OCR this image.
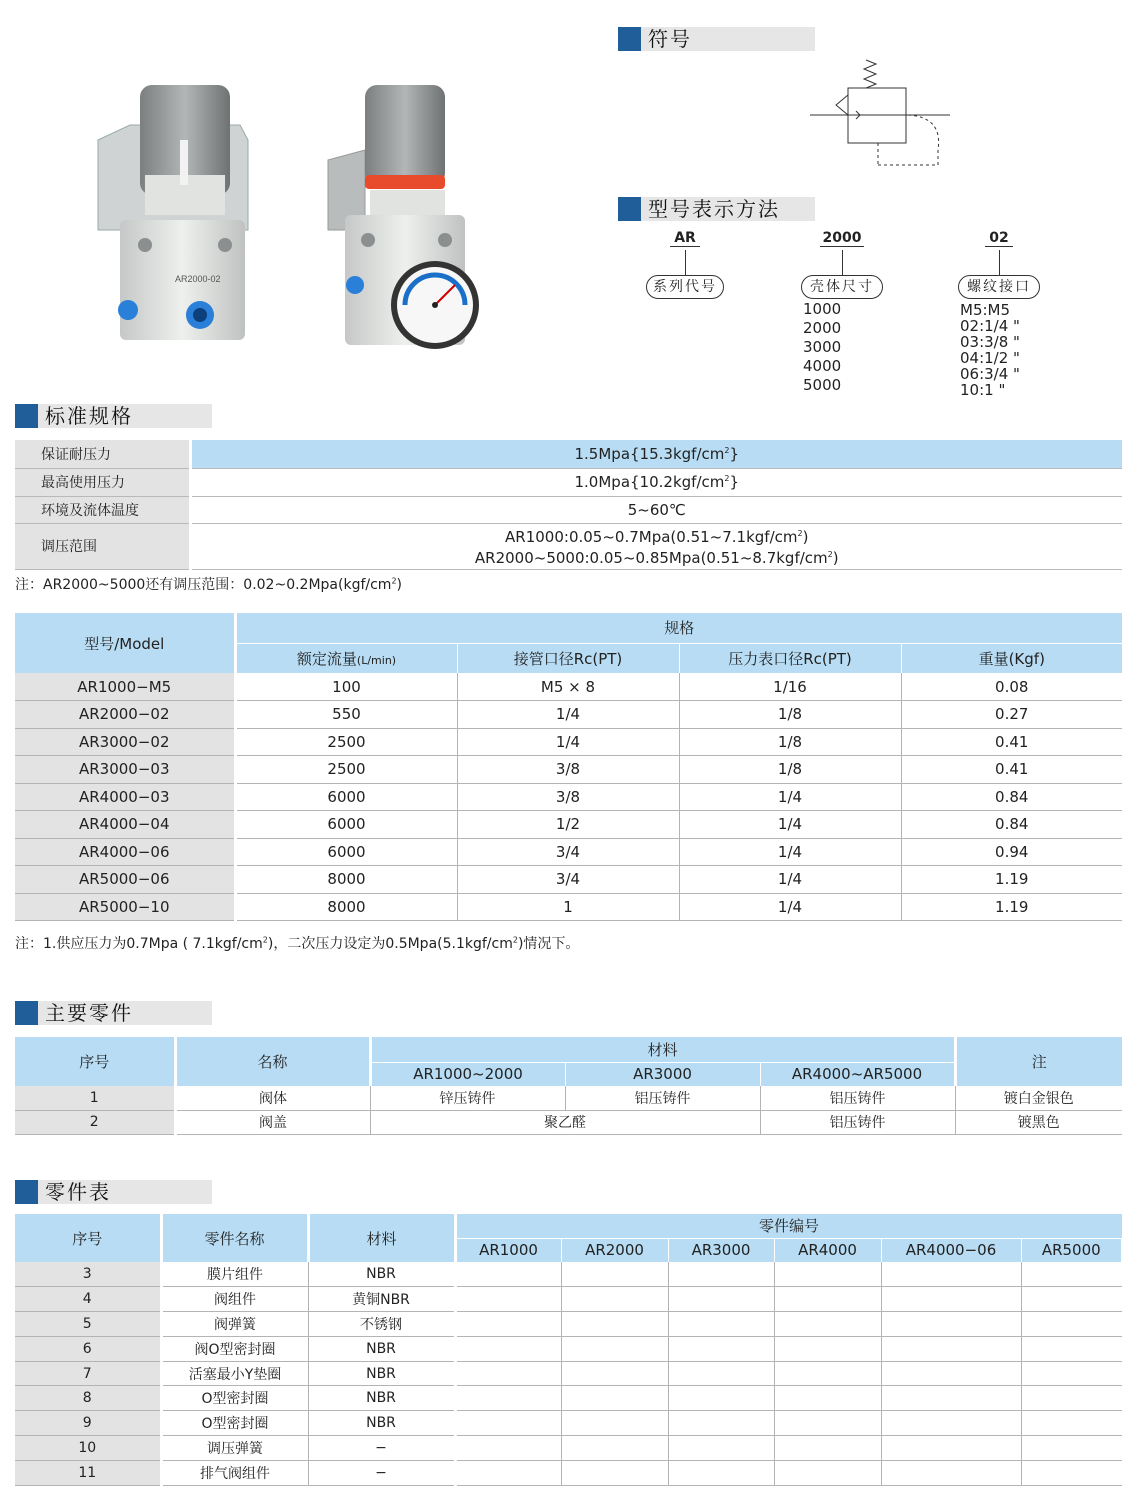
AR2000-02
符号
型号表示方法
AR
系列代号
2000
壳体尺寸
1000
2000
3000
4000
5000
02
螺纹接口
M5:M5
02:1/4 "
03:3/8 "
04:1/2 "
06:3/4 "
10:1 "
标准规格
保证耐压力	$1.5Mpa\{15.3kgf/cm^2\}$
最高使用压力	$1.0Mpa\{10.2kgf/cm^2\}$
环境及流体温度	5~60℃
调压范围	$AR1000:0.05\sim 0.7Mpa(0.51\sim 7.1kgf/cm^2)$
$AR2000\sim 5000:0.05\sim 0.85Mpa(0.51\sim 8.7kgf/cm^2)$
注：AR2000~5000还有调压范围：$0.02\sim 0.2Mpa(kgf/cm^2)$
型号/Model	规格			
	额定流量(L/min)	接管口径Rc(PT)	压力表口径Rc(PT)	重量(Kgf)
AR1000−M5	100	M5 × 8	1/16	0.08
AR2000−02	550	1/4	1/8	0.27
AR3000−02	2500	1/4	1/8	0.41
AR3000−03	2500	3/8	1/8	0.41
AR4000−03	6000	3/8	1/4	0.84
AR4000−04	6000	1/2	1/4	0.84
AR4000−06	6000	3/4	1/4	0.94
AR5000−06	8000	3/4	1/4	1.19
AR5000−10	8000	1	1/4	1.19
注：1.供应压力为0.7Mpa ( $7.1kgf/cm^2$)，二次压力设定为$0.5Mpa(5.1kgf/cm^2)$情况下。
主要零件
序号	名称	材料			注
		AR1000~2000	AR3000	AR4000~AR5000	
1	阀体	锌压铸件	铝压铸件	铝压铸件	镀白金银色
2	阀盖	聚乙醛		铝压铸件	镀黑色
零件表
序号	零件名称	材料	零件编号					
			AR1000	AR2000	AR3000	AR4000	AR4000−06	AR5000
3	膜片组件	NBR						
4	阀组件	黄铜NBR						
5	阀弹簧	不锈钢						
6	阀O型密封圈	NBR						
7	活塞最小Y垫圈	NBR						
8	O型密封圈	NBR						
9	O型密封圈	NBR						
10	调压弹簧	−						
11	排气阀组件	−						
